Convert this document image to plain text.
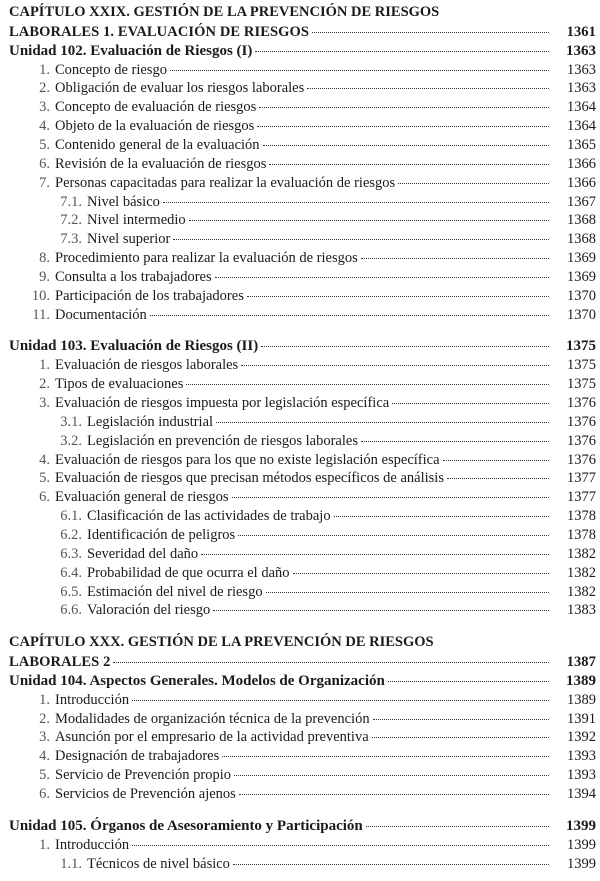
CAPÍTULO XXIX. GESTIÓN DE LA PREVENCIÓN DE RIESGOS
LABORALES 1. EVALUACIÓN DE RIESGOS	1361
Unidad 102. Evaluación de Riesgos (I)	1363
1. Concepto de riesgo	1363
2. Obligación de evaluar los riesgos laborales	1363
3. Concepto de evaluación de riesgos	1364
4. Objeto de la evaluación de riesgos	1364
5. Contenido general de la evaluación	1365
6. Revisión de la evaluación de riesgos	1366
7. Personas capacitadas para realizar la evaluación de riesgos	1366
7.1. Nivel básico	1367
7.2. Nivel intermedio	1368
7.3. Nivel superior	1368
8. Procedimiento para realizar la evaluación de riesgos	1369
9. Consulta a los trabajadores	1369
10. Participación de los trabajadores	1370
11. Documentación	1370
Unidad 103. Evaluación de Riesgos (II)	1375
1. Evaluación de riesgos laborales	1375
2. Tipos de evaluaciones	1375
3. Evaluación de riesgos impuesta por legislación específica	1376
3.1. Legislación industrial	1376
3.2. Legislación en prevención de riesgos laborales	1376
4. Evaluación de riesgos para los que no existe legislación específica	1376
5. Evaluación de riesgos que precisan métodos específicos de análisis	1377
6. Evaluación general de riesgos	1377
6.1. Clasificación de las actividades de trabajo	1378
6.2. Identificación de peligros	1378
6.3. Severidad del daño	1382
6.4. Probabilidad de que ocurra el daño	1382
6.5. Estimación del nivel de riesgo	1382
6.6. Valoración del riesgo	1383
CAPÍTULO XXX. GESTIÓN DE LA PREVENCIÓN DE RIESGOS
LABORALES 2	1387
Unidad 104. Aspectos Generales. Modelos de Organización	1389
1. Introducción	1389
2. Modalidades de organización técnica de la prevención	1391
3. Asunción por el empresario de la actividad preventiva	1392
4. Designación de trabajadores	1393
5. Servicio de Prevención propio	1393
6. Servicios de Prevención ajenos	1394
Unidad 105. Órganos de Asesoramiento y Participación	1399
1. Introducción	1399
1.1. Técnicos de nivel básico	1399
